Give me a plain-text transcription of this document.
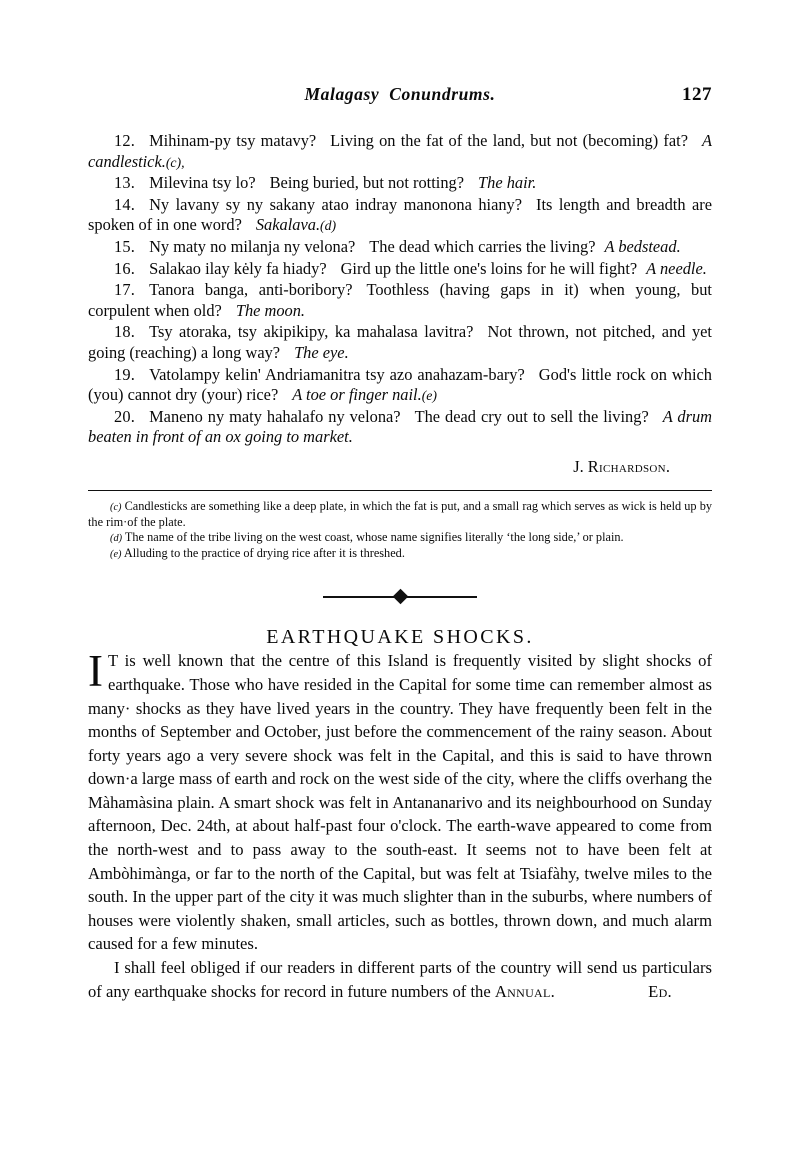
Malagasy  Conundrums.	127

12. Mihinam-py tsy matavy? Living on the fat of the land, but not (becoming) fat? A candlestick.(c),

13. Milevina tsy lo? Being buried, but not rotting? The hair.

14. Ny lavany sy ny sakany atao indray manonona hiany? Its length and breadth are spoken of in one word? Sakalava.(d)

15. Ny maty no milanja ny velona? The dead which carries the living? A bedstead.

16. Salakao ilay kėly fa hiady? Gird up the little one's loins for he will fight? A needle.

17. Tanora banga, anti-boribory? Toothless (having gaps in it) when young, but corpulent when old? The moon.

18. Tsy atoraka, tsy akipikipy, ka mahalasa lavitra? Not thrown, not pitched, and yet going (reaching) a long way? The eye.

19. Vatolampy kelin' Andriamanitra tsy azo anahazam-bary? God's little rock on which (you) cannot dry (your) rice? A toe or finger nail.(e)

20. Maneno ny maty hahalafo ny velona? The dead cry out to sell the living? A drum beaten in front of an ox going to market.

J. Richardson.

(c) Candlesticks are something like a deep plate, in which the fat is put, and a small rag which serves as wick is held up by the rim·of the plate.

(d) The name of the tribe living on the west coast, whose name signifies literally ‘the long side,’ or plain.

(e) Alluding to the practice of drying rice after it is threshed.

EARTHQUAKE SHOCKS.

I T is well known that the centre of this Island is frequently visited by slight shocks of earthquake. Those who have resided in the Capital for some time can remember almost as many· shocks as they have lived years in the country. They have frequently been felt in the months of September and October, just before the commencement of the rainy season. About forty years ago a very severe shock was felt in the Capital, and this is said to have thrown down·a large mass of earth and rock on the west side of the city, where the cliffs overhang the Màhamàsina plain. A smart shock was felt in Antananarivo and its neighbourhood on Sunday afternoon, Dec. 24th, at about half-past four o'clock. The earth-wave appeared to come from the north-west and to pass away to the south-east. It seems not to have been felt at Ambòhimànga, or far to the north of the Capital, but was felt at Tsiafàhy, twelve miles to the south. In the upper part of the city it was much slighter than in the suburbs, where numbers of houses were violently shaken, small articles, such as bottles, thrown down, and much alarm caused for a few minutes.

I shall feel obliged if our readers in different parts of the country will send us particulars of any earthquake shocks for record in future numbers of the Annual.	Ed.
